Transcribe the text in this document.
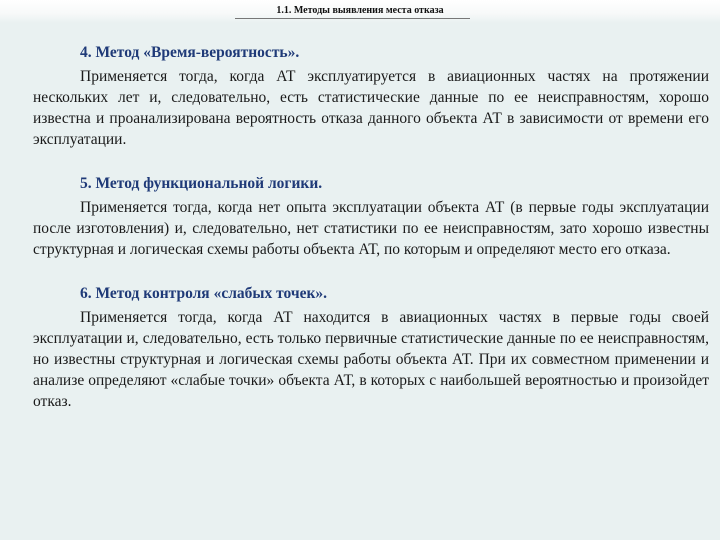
1.1. Методы выявления места отказа

4. Метод «Время-вероятность».

Применяется тогда, когда АТ эксплуатируется в авиационных частях на протяжении нескольких лет и, следовательно, есть статистические данные по ее неисправностям, хорошо известна и проанализирована вероятность отказа данного объекта АТ в зависимости от времени его эксплуатации.

5. Метод функциональной логики.

Применяется тогда, когда нет опыта эксплуатации объекта АТ (в первые годы эксплуатации после изготовления) и, следовательно, нет статистики по ее неисправностям, зато хорошо известны структурная и логическая схемы работы объекта АТ, по которым и определяют место его отказа.

6. Метод контроля «слабых точек».

Применяется тогда, когда АТ находится в авиационных частях в первые годы своей эксплуатации и, следовательно, есть только первичные статистические данные по ее неисправностям, но известны структурная и логическая схемы работы объекта АТ. При их совместном применении и анализе определяют «слабые точки» объекта АТ, в которых с наибольшей вероятностью и произойдет отказ.
